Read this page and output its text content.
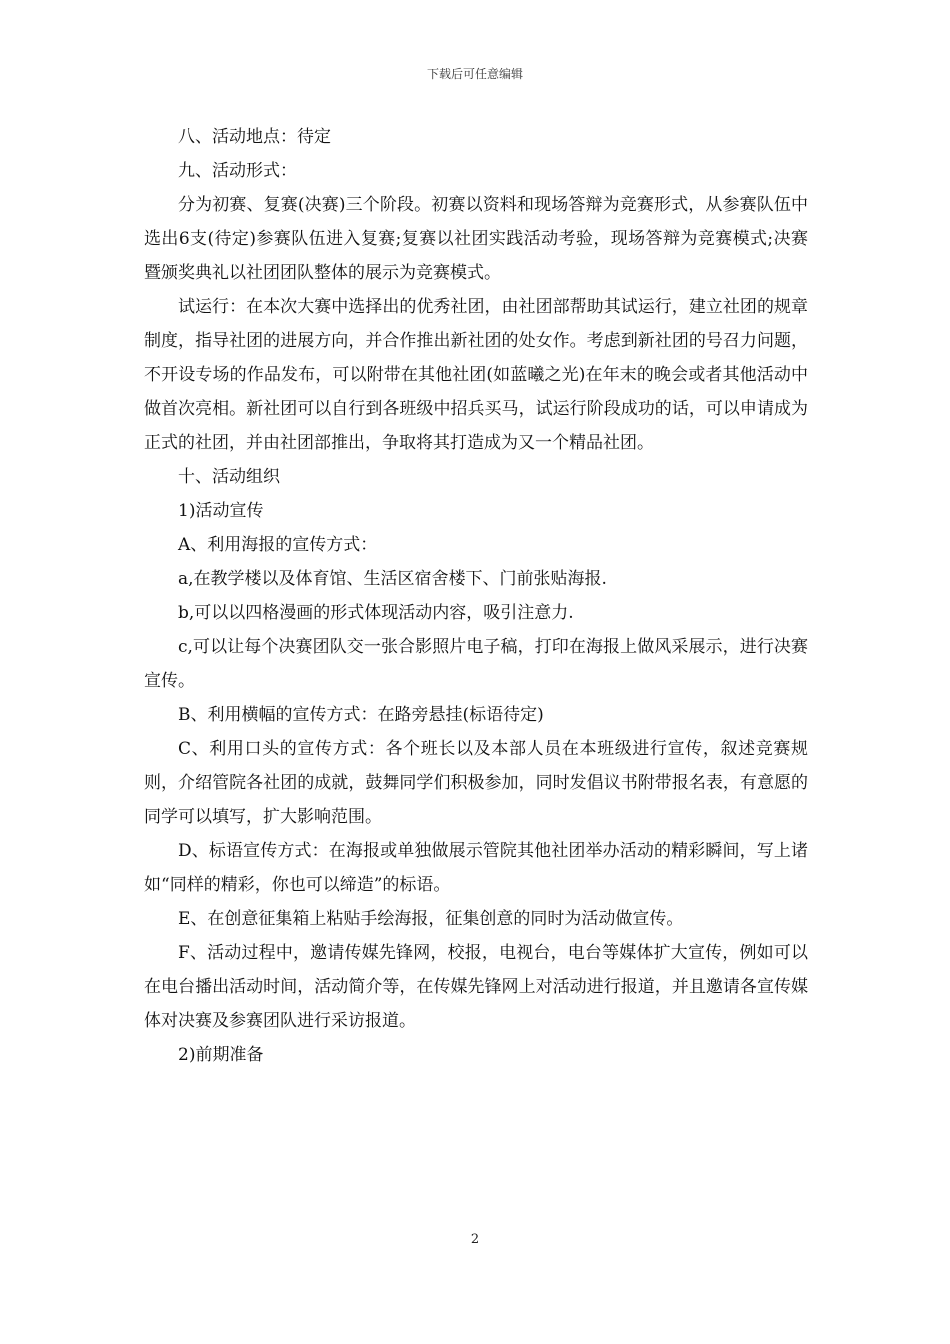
下载后可任意编辑

八、活动地点：待定

九、活动形式：

分为初赛、复赛(决赛)三个阶段。初赛以资料和现场答辩为竞赛形式，从参赛队伍中选出6支(待定)参赛队伍进入复赛;复赛以社团实践活动考验，现场答辩为竞赛模式;决赛暨颁奖典礼以社团团队整体的展示为竞赛模式。

试运行：在本次大赛中选择出的优秀社团，由社团部帮助其试运行，建立社团的规章制度，指导社团的进展方向，并合作推出新社团的处女作。考虑到新社团的号召力问题，不开设专场的作品发布，可以附带在其他社团(如蓝曦之光)在年末的晚会或者其他活动中做首次亮相。新社团可以自行到各班级中招兵买马，试运行阶段成功的话，可以申请成为正式的社团，并由社团部推出，争取将其打造成为又一个精品社团。

十、活动组织

1)活动宣传

A、利用海报的宣传方式：

a,在教学楼以及体育馆、生活区宿舍楼下、门前张贴海报.

b,可以以四格漫画的形式体现活动内容，吸引注意力.

c,可以让每个决赛团队交一张合影照片电子稿，打印在海报上做风采展示，进行决赛宣传。

B、利用横幅的宣传方式：在路旁悬挂(标语待定)

C、利用口头的宣传方式：各个班长以及本部人员在本班级进行宣传，叙述竞赛规则，介绍管院各社团的成就，鼓舞同学们积极参加，同时发倡议书附带报名表，有意愿的同学可以填写，扩大影响范围。

D、标语宣传方式：在海报或单独做展示管院其他社团举办活动的精彩瞬间，写上诸如“同样的精彩，你也可以缔造”的标语。

E、在创意征集箱上粘贴手绘海报，征集创意的同时为活动做宣传。

F、活动过程中，邀请传媒先锋网，校报，电视台，电台等媒体扩大宣传，例如可以在电台播出活动时间，活动简介等，在传媒先锋网上对活动进行报道，并且邀请各宣传媒体对决赛及参赛团队进行采访报道。

2)前期准备

2
